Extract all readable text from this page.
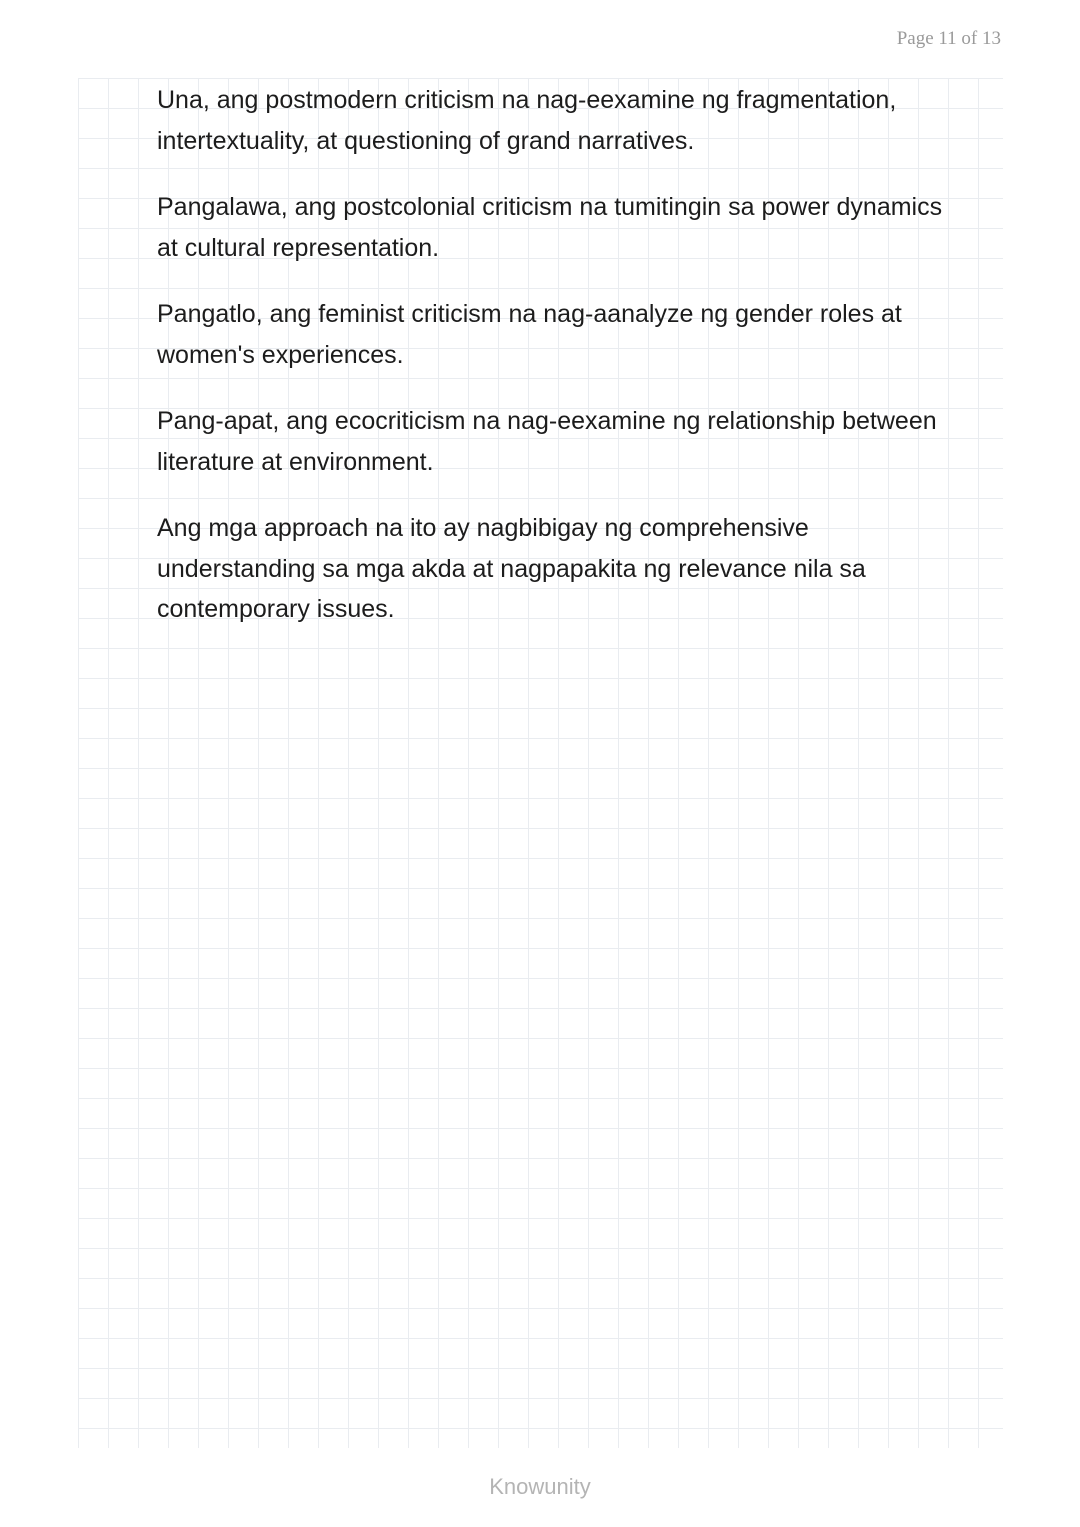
Page 11 of 13

Una, ang postmodern criticism na nag-eexamine ng fragmentation, intertextuality, at questioning of grand narratives.

Pangalawa, ang postcolonial criticism na tumitingin sa power dynamics at cultural representation.

Pangatlo, ang feminist criticism na nag-aanalyze ng gender roles at women's experiences.

Pang-apat, ang ecocriticism na nag-eexamine ng relationship between literature at environment.

Ang mga approach na ito ay nagbibigay ng comprehensive understanding sa mga akda at nagpapakita ng relevance nila sa contemporary issues.

Knowunity
